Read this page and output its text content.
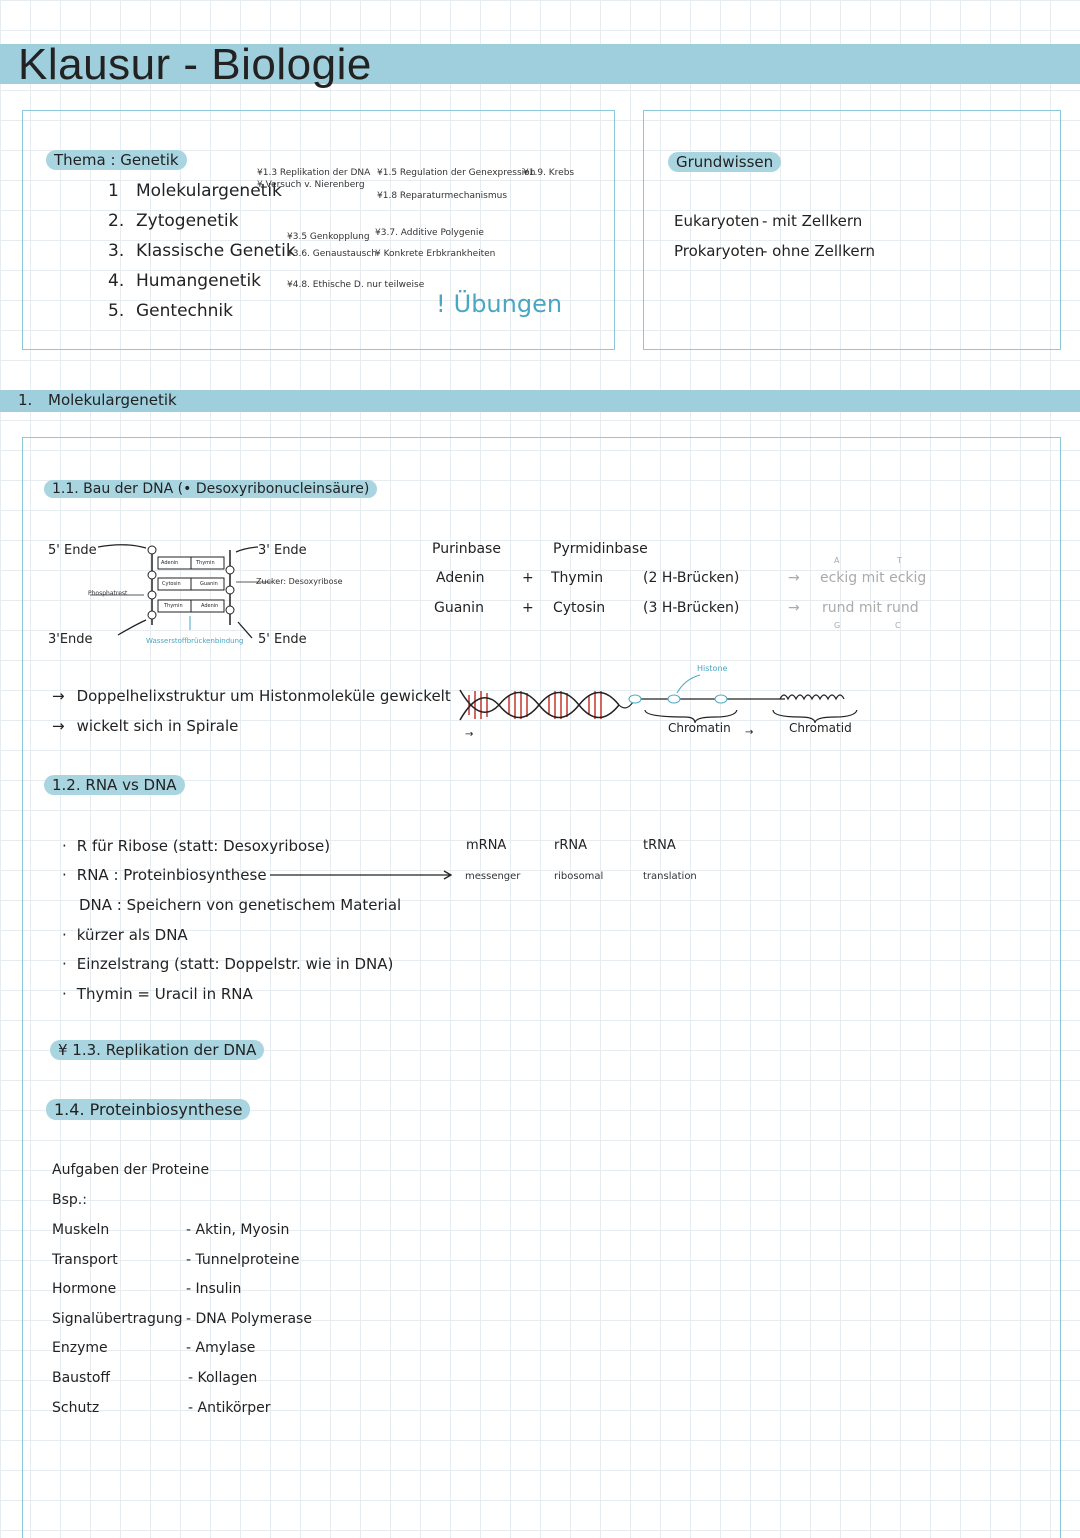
Klausur - Biologie
Thema : Genetik
1 Molekulargenetik
2. Zytogenetik
3. Klassische Genetik
4. Humangenetik
5. Gentechnik
¥1.3 Replikation der DNA
¥ Versuch v. Nierenberg
¥1.5 Regulation der Genexpression
¥1.8 Reparaturmechanismus
¥1.9. Krebs
¥3.5 Genkopplung
¥3.6. Genaustausch
¥3.7. Additive Polygenie
¥ Konkrete Erbkrankheiten
¥4.8. Ethische D. nur teilweise
! Übungen
Grundwissen
Eukaryoten - mit Zellkern
Prokaryoten- ohne Zellkern
1. Molekulargenetik
1.1. Bau der DNA (• Desoxyribonucleinsäure)
5' Ende	3' Ende
3'Ende	5' Ende
Zucker: Desoxyribose
Phosphatrest
Wasserstoffbrückenbindung
Adenin	Thymin
Cytosin	Guanin
Thymin	Adenin
Purinbase	Pyrmidinbase
Adenin	+ Thymin	(2 H-Brücken)	→ eckig mit eckig
A	T
Guanin	+ Cytosin	(3 H-Brücken)	→ rund mit rund
G	C
→ Doppelhelixstruktur um Histonmoleküle gewickelt
→ wickelt sich in Spirale	→	→
Histone
Chromatin	Chromatid
1.2. RNA vs DNA
· R für Ribose (statt: Desoxyribose)
· RNA : Proteinbiosynthese
DNA : Speichern von genetischem Material
· kürzer als DNA
· Einzelstrang (statt: Doppelstr. wie in DNA)
· Thymin = Uracil in RNA
mRNA	rRNA	tRNA
messenger	ribosomal	translation
¥ 1.3. Replikation der DNA
1.4. Proteinbiosynthese
Aufgaben der Proteine
Bsp.:
Muskeln	- Aktin, Myosin
Transport	- Tunnelproteine
Hormone	- Insulin
Signalübertragung - DNA Polymerase
Enzyme	- Amylase
Baustoff	- Kollagen
Schutz	- Antikörper
